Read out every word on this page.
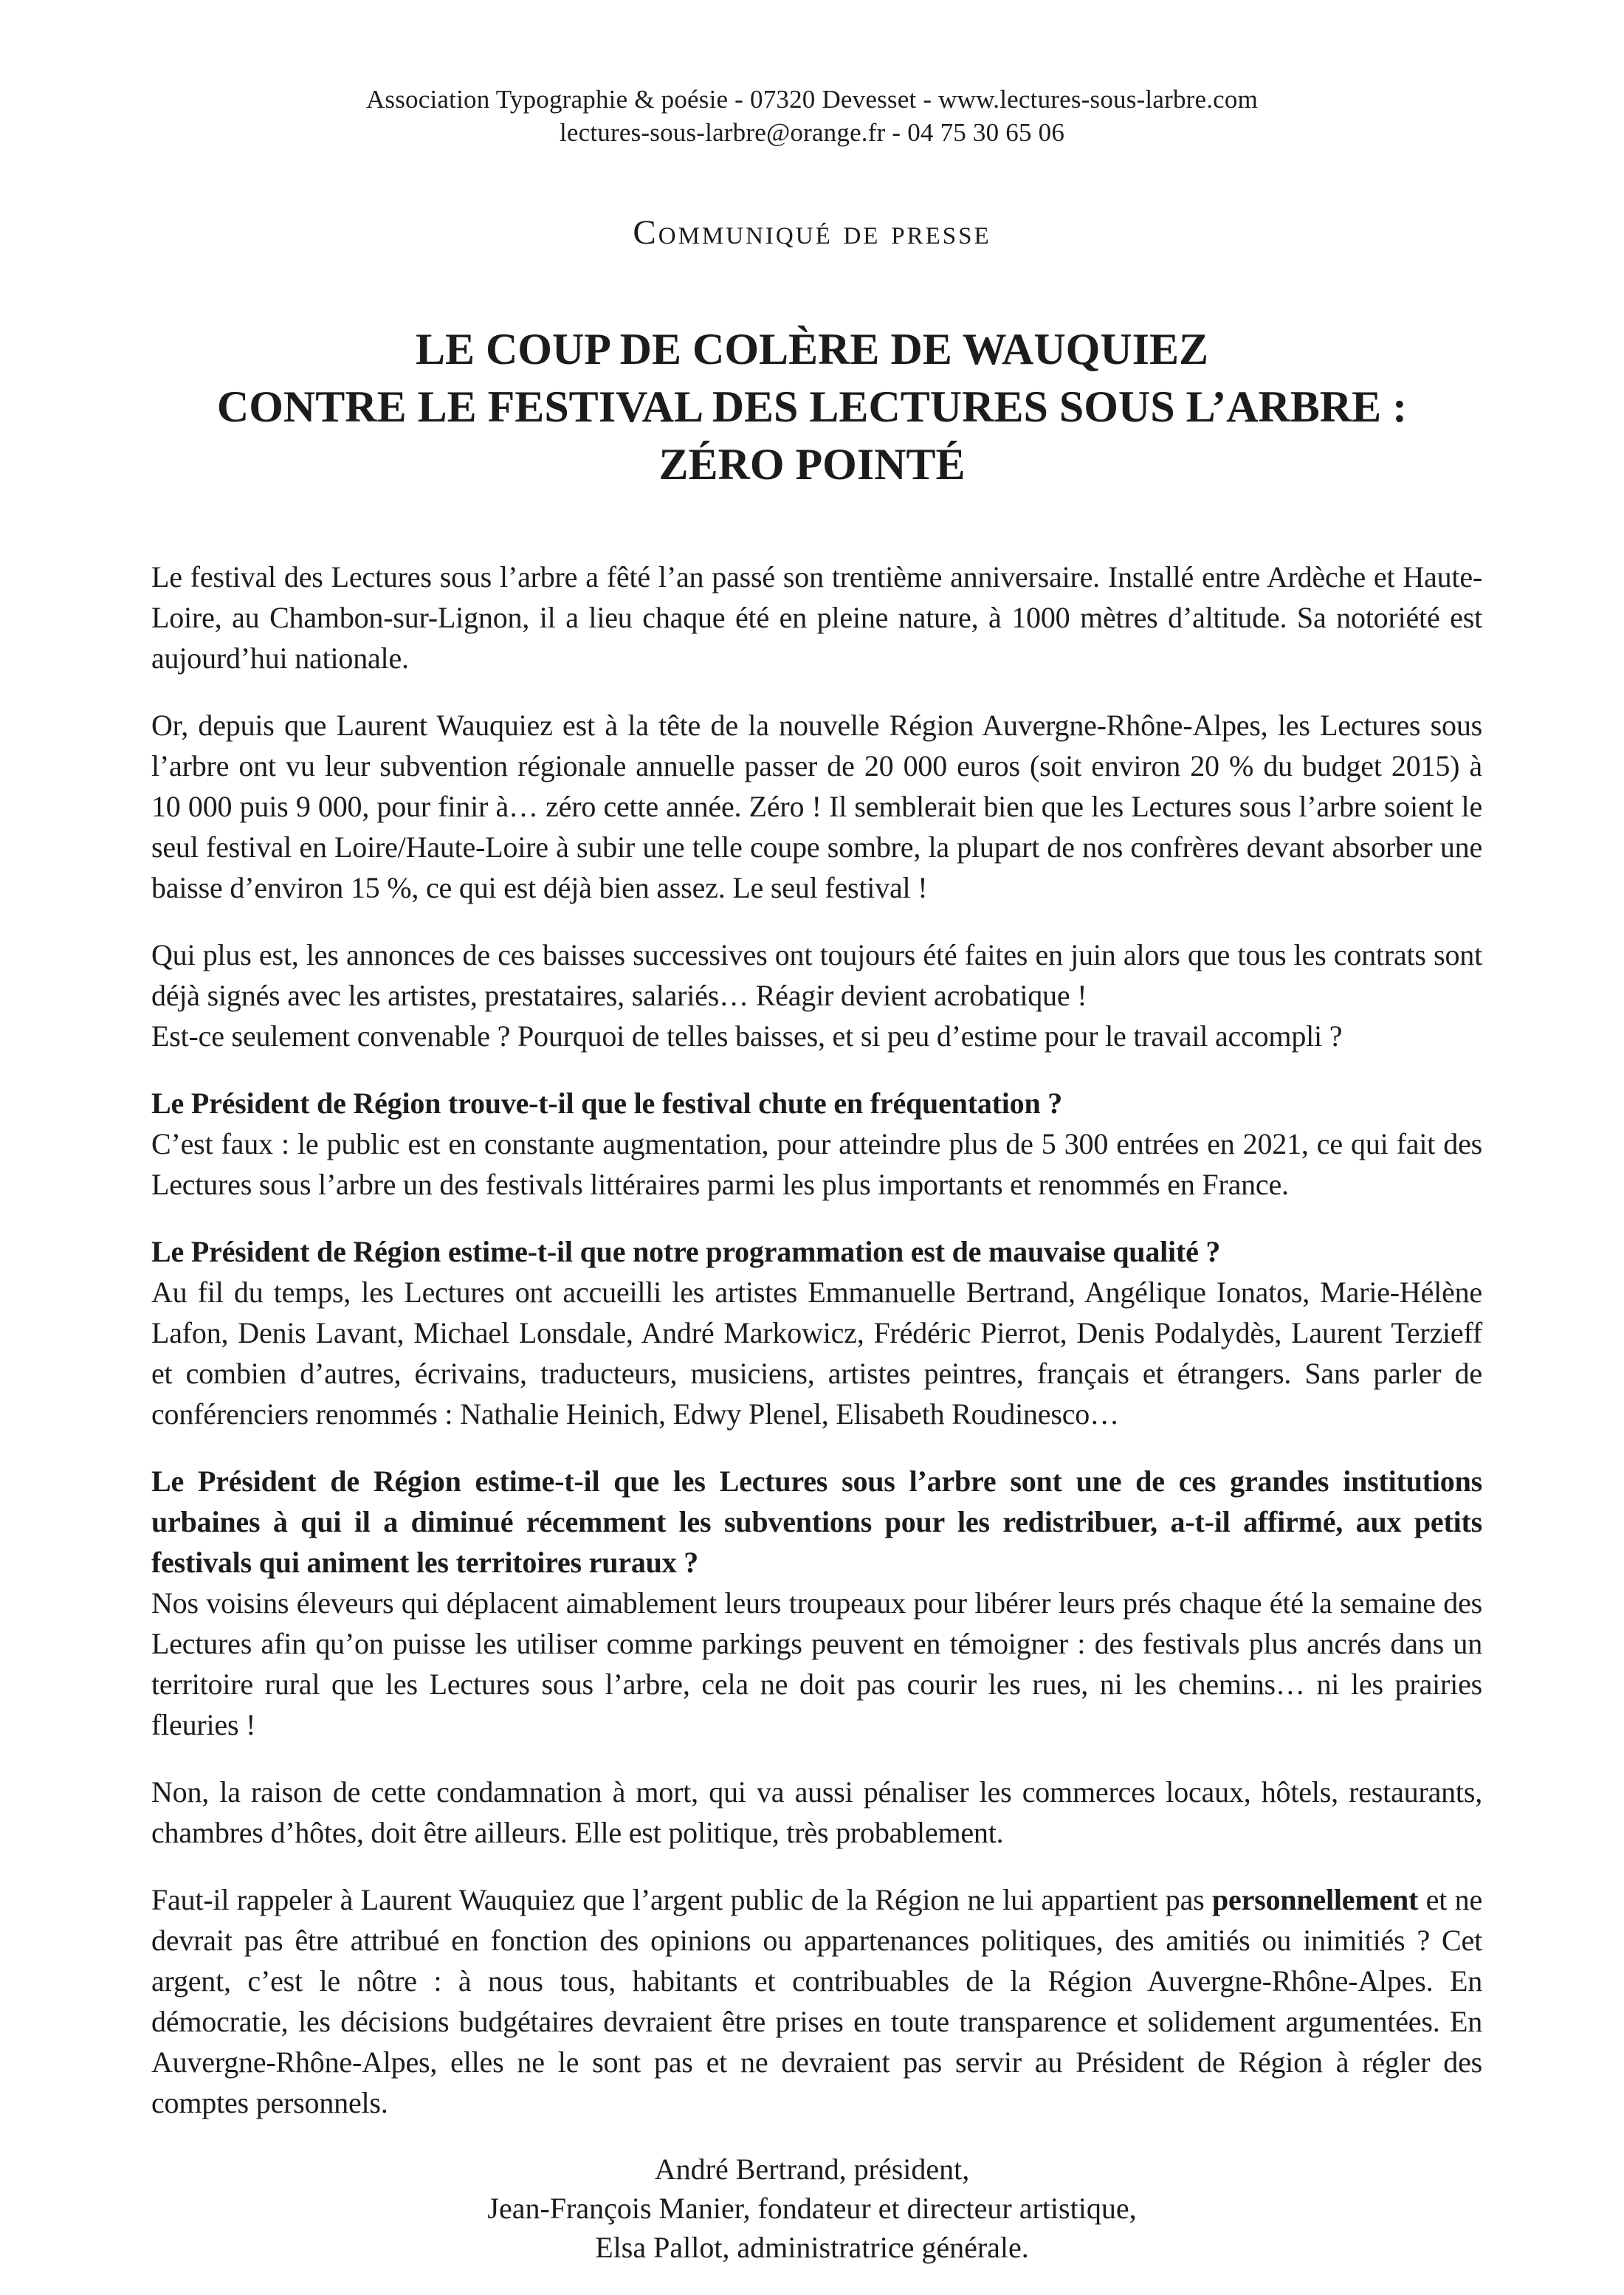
Association Typographie & poésie - 07320 Devesset - www.lectures-sous-larbre.com
lectures-sous-larbre@orange.fr - 04 75 30 65 06
Communiqué de presse
LE COUP DE COLÈRE DE WAUQUIEZ
CONTRE LE FESTIVAL DES LECTURES SOUS L’ARBRE :
ZÉRO POINTÉ

Le festival des Lectures sous l’arbre a fêté l’an passé son trentième anniversaire. Installé entre Ardèche et Haute-Loire, au Chambon-sur-Lignon, il a lieu chaque été en pleine nature, à 1000 mètres d’altitude. Sa notoriété est aujourd’hui nationale.

Or, depuis que Laurent Wauquiez est à la tête de la nouvelle Région Auvergne-Rhône-Alpes, les Lectures sous l’arbre ont vu leur subvention régionale annuelle passer de 20 000 euros (soit environ 20 % du budget 2015) à 10 000 puis 9 000, pour finir à… zéro cette année. Zéro ! Il semblerait bien que les Lectures sous l’arbre soient le seul festival en Loire/Haute-Loire à subir une telle coupe sombre, la plupart de nos confrères devant absorber une baisse d’environ 15 %, ce qui est déjà bien assez. Le seul festival !

Qui plus est, les annonces de ces baisses successives ont toujours été faites en juin alors que tous les contrats sont déjà signés avec les artistes, prestataires, salariés… Réagir devient acrobatique !
Est-ce seulement convenable ? Pourquoi de telles baisses, et si peu d’estime pour le travail accompli ?

Le Président de Région trouve-t-il que le festival chute en fréquentation ?

C’est faux : le public est en constante augmentation, pour atteindre plus de 5 300 entrées en 2021, ce qui fait des Lectures sous l’arbre un des festivals littéraires parmi les plus importants et renommés en France.

Le Président de Région estime-t-il que notre programmation est de mauvaise qualité ?

Au fil du temps, les Lectures ont accueilli les artistes Emmanuelle Bertrand, Angélique Ionatos, Marie-Hélène Lafon, Denis Lavant, Michael Lonsdale, André Markowicz, Frédéric Pierrot, Denis Podalydès, Laurent Terzieff et combien d’autres, écrivains, traducteurs, musiciens, artistes peintres, français et étrangers. Sans parler de conférenciers renommés : Nathalie Heinich, Edwy Plenel, Elisabeth Roudinesco…

Le Président de Région estime-t-il que les Lectures sous l’arbre sont une de ces grandes institutions urbaines à qui il a diminué récemment les subventions pour les redistribuer, a-t-il affirmé, aux petits festivals qui animent les territoires ruraux ?

Nos voisins éleveurs qui déplacent aimablement leurs troupeaux pour libérer leurs prés chaque été la semaine des Lectures afin qu’on puisse les utiliser comme parkings peuvent en témoigner : des festivals plus ancrés dans un territoire rural que les Lectures sous l’arbre, cela ne doit pas courir les rues, ni les chemins… ni les prairies fleuries !

Non, la raison de cette condamnation à mort, qui va aussi pénaliser les commerces locaux, hôtels, restaurants, chambres d’hôtes, doit être ailleurs. Elle est politique, très probablement.

Faut-il rappeler à Laurent Wauquiez que l’argent public de la Région ne lui appartient pas personnellement et ne devrait pas être attribué en fonction des opinions ou appartenances politiques, des amitiés ou inimitiés ? Cet argent, c’est le nôtre : à nous tous, habitants et contribuables de la Région Auvergne-Rhône-Alpes. En démocratie, les décisions budgétaires devraient être prises en toute transparence et solidement argumentées. En Auvergne-Rhône-Alpes, elles ne le sont pas et ne devraient pas servir au Président de Région à régler des comptes personnels.

André Bertrand, président,
Jean-François Manier, fondateur et directeur artistique,
Elsa Pallot, administratrice générale.
